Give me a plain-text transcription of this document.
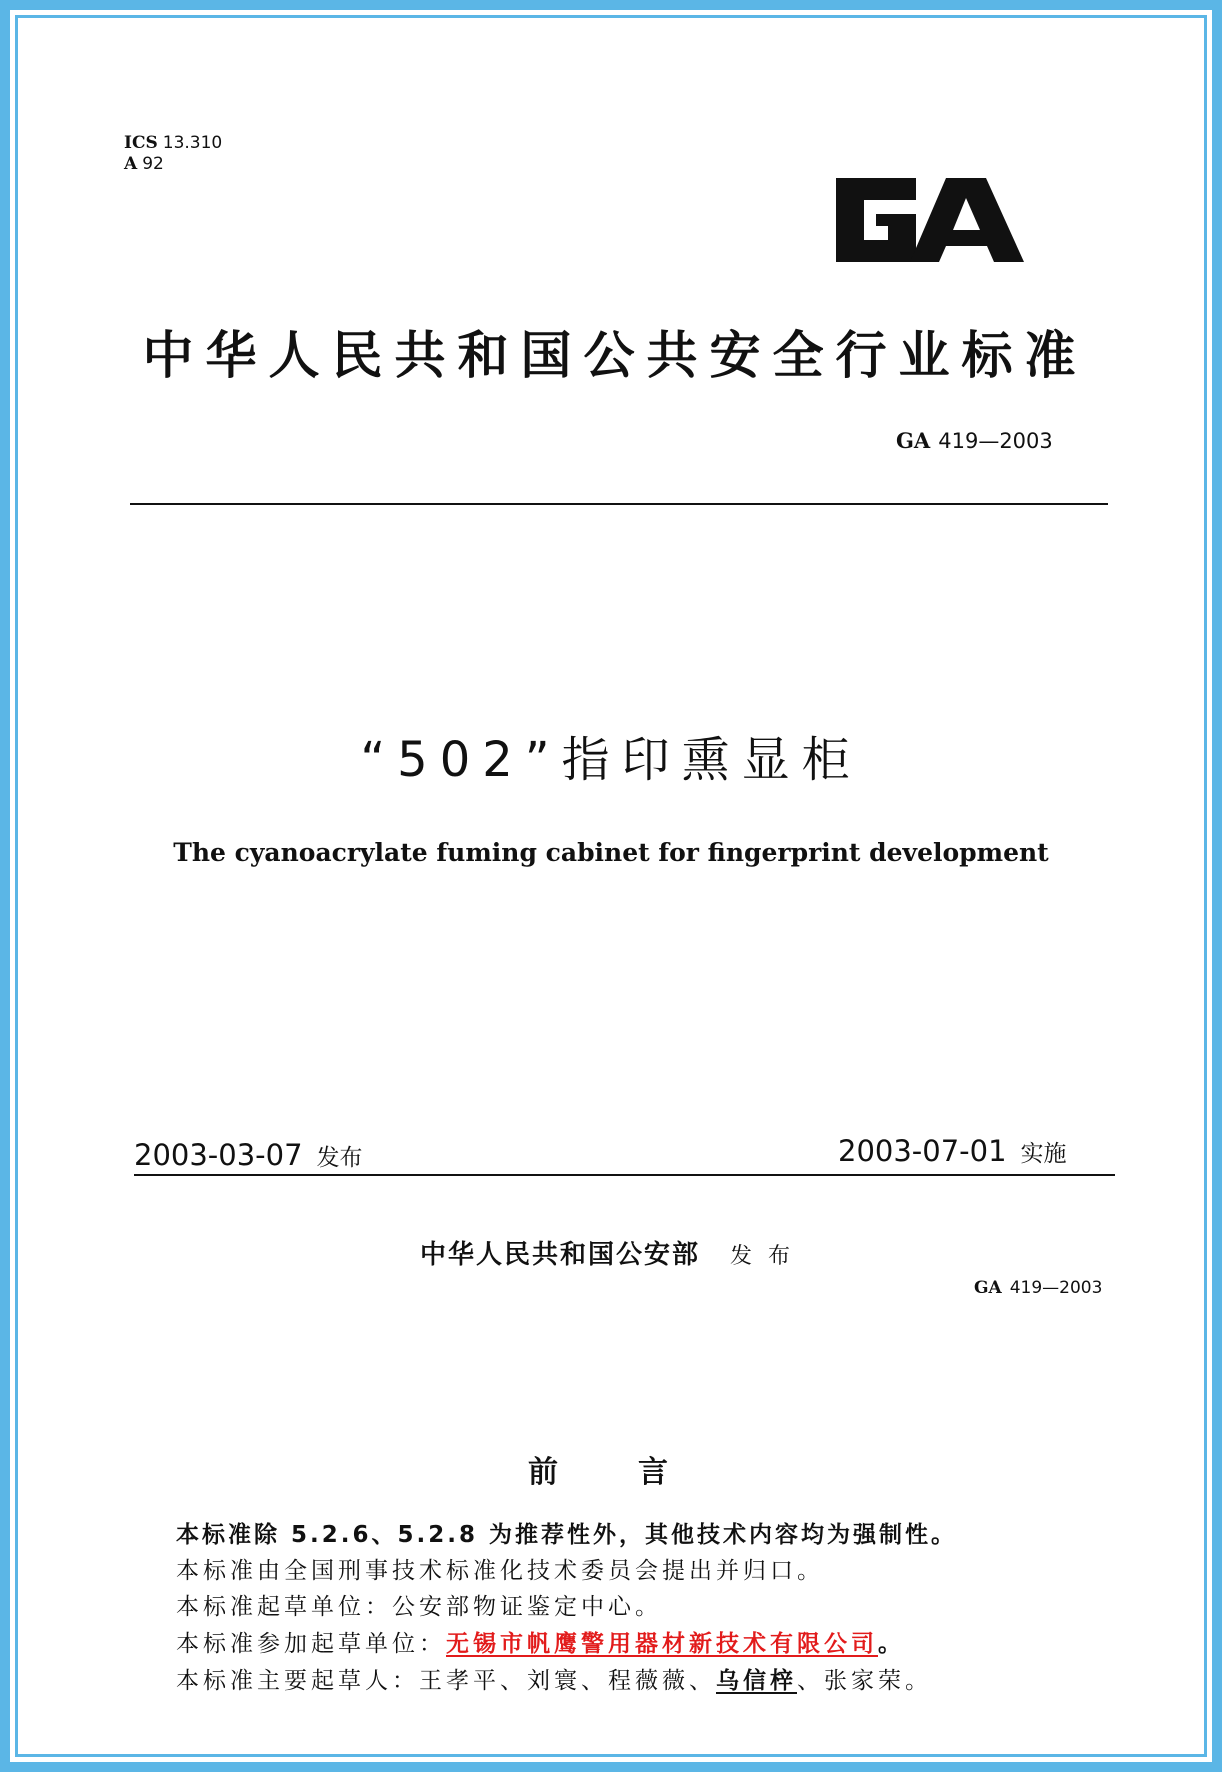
ICS 13.310
A 92
中华人民共和国公共安全行业标准
GA 419—2003
“502”指印熏显柜
The cyanoacrylate fuming cabinet for fingerprint development
2003-03-07 发布	2003-07-01 实施
中华人民共和国公安部 发布
GA 419—2003
前言
本标准除 5.2.6、5.2.8 为推荐性外，其他技术内容均为强制性。
本标准由全国刑事技术标准化技术委员会提出并归口。
本标准起草单位：公安部物证鉴定中心。
本标准参加起草单位：无锡市帆鹰警用器材新技术有限公司。
本标准主要起草人：王孝平、刘寰、程薇薇、乌信梓、张家荣。
